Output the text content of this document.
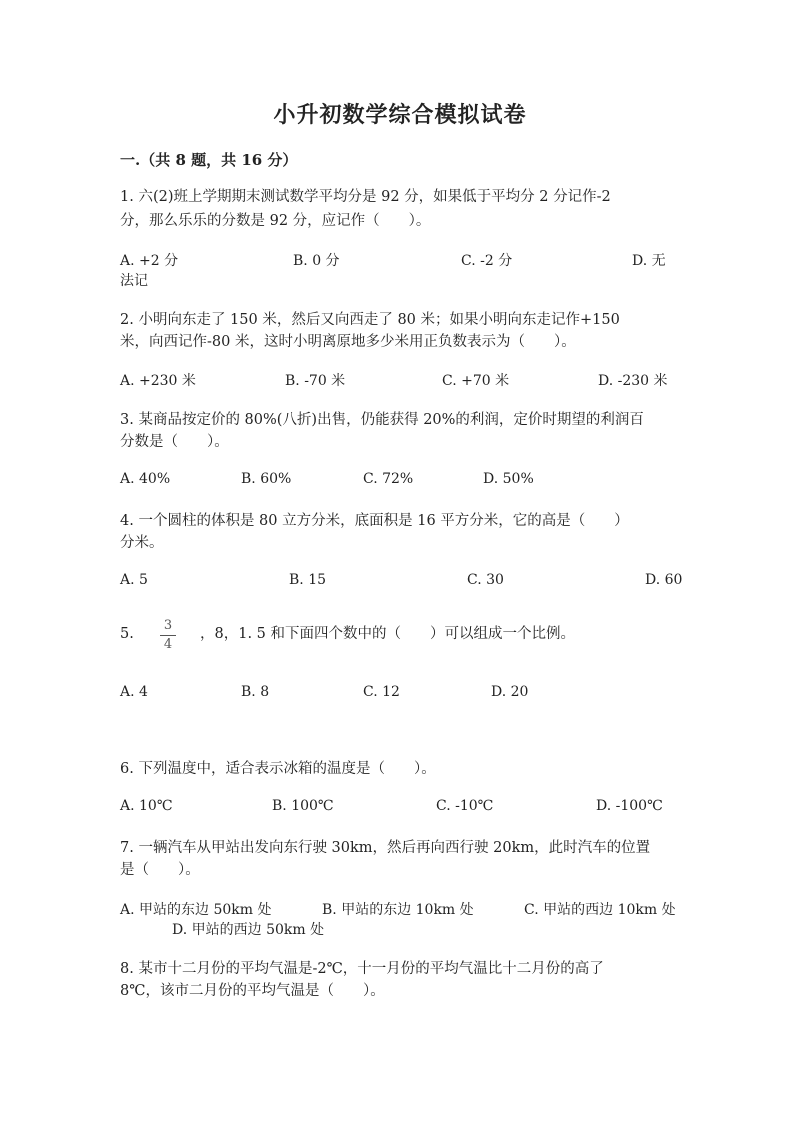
小升初数学综合模拟试卷
一.（共 8 题，共 16 分）
1. 六(2)班上学期期末测试数学平均分是 92 分，如果低于平均分 2 分记作-2
分，那么乐乐的分数是 92 分，应记作（　　）。
A. +2 分	B. 0 分	C. -2 分	D. 无
法记
2. 小明向东走了 150 米，然后又向西走了 80 米；如果小明向东走记作+150
米，向西记作-80 米，这时小明离原地多少米用正负数表示为（　　）。
A. +230 米	B. -70 米	C. +70 米	D. -230 米
3. 某商品按定价的 80%(八折)出售，仍能获得 20%的利润，定价时期望的利润百
分数是（　　）。
A. 40%	B. 60%	C. 72%	D. 50%
4. 一个圆柱的体积是 80 立方分米，底面积是 16 平方分米，它的高是（　　）
分米。
A. 5	B. 15	C. 30	D. 60
5.
3
4
，8，1. 5 和下面四个数中的（　　）可以组成一个比例。
A. 4	B. 8	C. 12	D. 20
6. 下列温度中，适合表示冰箱的温度是（　　）。
A. 10℃	B. 100℃	C. -10℃	D. -100℃
7. 一辆汽车从甲站出发向东行驶 30km，然后再向西行驶 20km，此时汽车的位置
是（　　）。
A. 甲站的东边 50km 处	B. 甲站的东边 10km 处	C. 甲站的西边 10km 处
D. 甲站的西边 50km 处
8. 某市十二月份的平均气温是-2℃，十一月份的平均气温比十二月份的高了
8℃，该市二月份的平均气温是（　　）。
